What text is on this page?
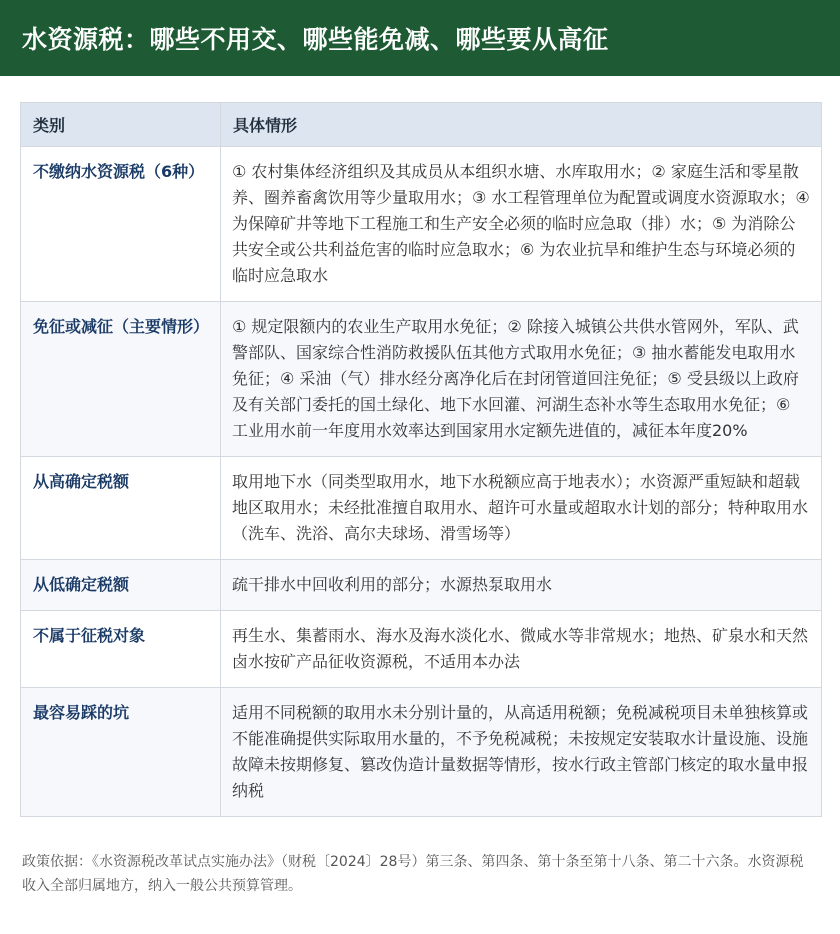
水资源税：哪些不用交、哪些能免减、哪些要从高征
类别	具体情形
不缴纳水资源税（6种）	① 农村集体经济组织及其成员从本组织水塘、水库取用水；② 家庭生活和零星散养、圈养畜禽饮用等少量取用水；③ 水工程管理单位为配置或调度水资源取水；④ 为保障矿井等地下工程施工和生产安全必须的临时应急取（排）水；⑤ 为消除公共安全或公共利益危害的临时应急取水；⑥ 为农业抗旱和维护生态与环境必须的临时应急取水
免征或减征（主要情形）	① 规定限额内的农业生产取用水免征；② 除接入城镇公共供水管网外，军队、武警部队、国家综合性消防救援队伍其他方式取用水免征；③ 抽水蓄能发电取用水免征；④ 采油（气）排水经分离净化后在封闭管道回注免征；⑤ 受县级以上政府及有关部门委托的国土绿化、地下水回灌、河湖生态补水等生态取用水免征；⑥ 工业用水前一年度用水效率达到国家用水定额先进值的，减征本年度20%
从高确定税额	取用地下水（同类型取用水，地下水税额应高于地表水）；水资源严重短缺和超载地区取用水；未经批准擅自取用水、超许可水量或超取水计划的部分；特种取用水（洗车、洗浴、高尔夫球场、滑雪场等）
从低确定税额	疏干排水中回收利用的部分；水源热泵取用水
不属于征税对象	再生水、集蓄雨水、海水及海水淡化水、微咸水等非常规水；地热、矿泉水和天然卤水按矿产品征收资源税，不适用本办法
最容易踩的坑	适用不同税额的取用水未分别计量的，从高适用税额；免税减税项目未单独核算或不能准确提供实际取用水量的，不予免税减税；未按规定安装取水计量设施、设施故障未按期修复、篡改伪造计量数据等情形，按水行政主管部门核定的取水量申报纳税

政策依据：《水资源税改革试点实施办法》（财税〔2024〕28号）第三条、第四条、第十条至第十八条、第二十六条。水资源税收入全部归属地方，纳入一般公共预算管理。
